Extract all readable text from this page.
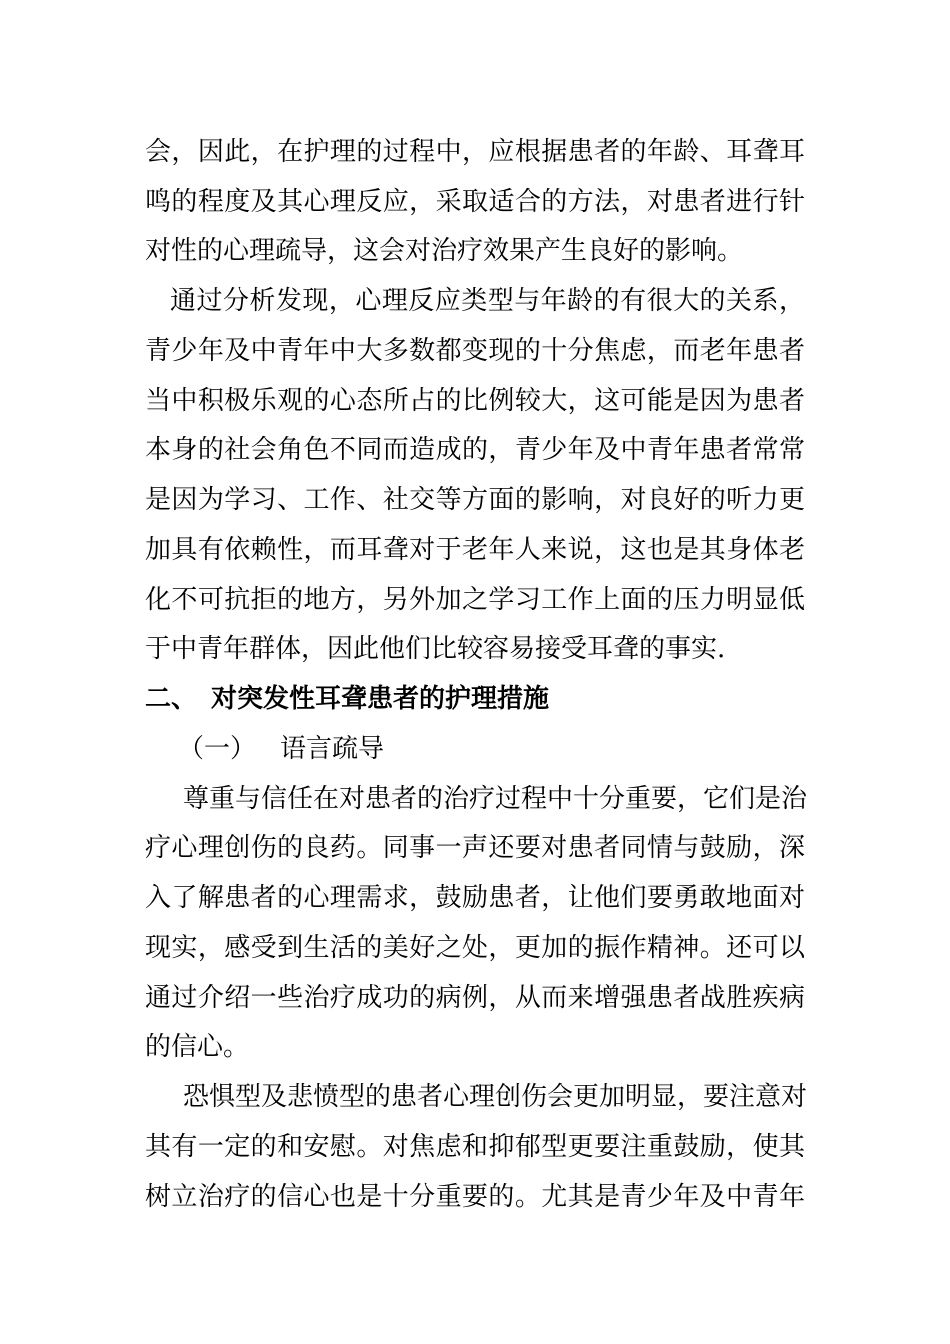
会，因此，在护理的过程中，应根据患者的年龄、耳聋耳
鸣的程度及其心理反应，采取适合的方法，对患者进行针
对性的心理疏导，这会对治疗效果产生良好的影响。
通过分析发现，心理反应类型与年龄的有很大的关系，
青少年及中青年中大多数都变现的十分焦虑，而老年患者
当中积极乐观的心态所占的比例较大，这可能是因为患者
本身的社会角色不同而造成的，青少年及中青年患者常常
是因为学习、工作、社交等方面的影响，对良好的听力更
加具有依赖性，而耳聋对于老年人来说，这也是其身体老
化不可抗拒的地方，另外加之学习工作上面的压力明显低
于中青年群体，因此他们比较容易接受耳聋的事实.
二、 对突发性耳聋患者的护理措施
（一） 语言疏导
尊重与信任在对患者的治疗过程中十分重要，它们是治
疗心理创伤的良药。同事一声还要对患者同情与鼓励，深
入了解患者的心理需求，鼓励患者，让他们要勇敢地面对
现实，感受到生活的美好之处，更加的振作精神。还可以
通过介绍一些治疗成功的病例，从而来增强患者战胜疾病
的信心。
恐惧型及悲愤型的患者心理创伤会更加明显，要注意对
其有一定的和安慰。对焦虑和抑郁型更要注重鼓励，使其
树立治疗的信心也是十分重要的。尤其是青少年及中青年
